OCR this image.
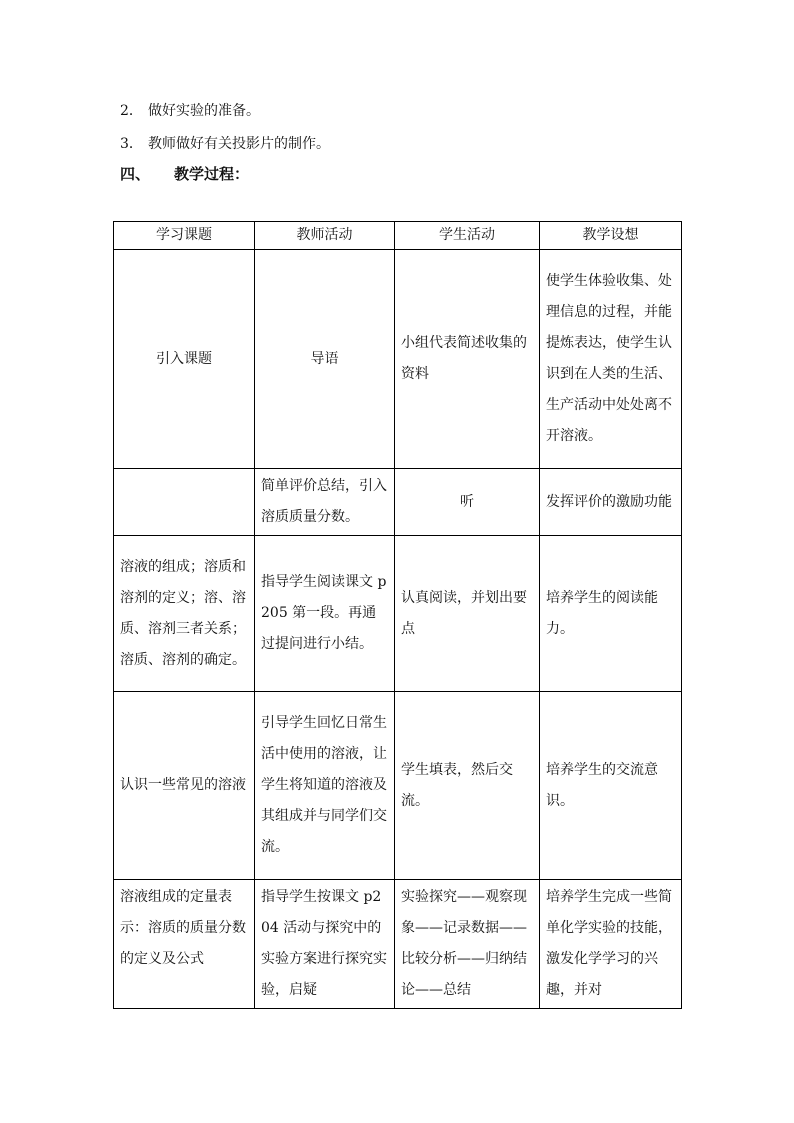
2． 做好实验的准备。
3． 教师做好有关投影片的制作。
四、 教学过程：
学习课题	教师活动	学生活动	教学设想
引入课题	导语	小组代表简述收集的资料	使学生体验收集、处理信息的过程，并能提炼表达，使学生认识到在人类的生活、生产活动中处处离不开溶液。
	简单评价总结，引入溶质质量分数。	听	发挥评价的激励功能
溶液的组成；溶质和溶剂的定义；溶、溶质、溶剂三者关系；溶质、溶剂的确定。	指导学生阅读课文 p205 第一段。再通过提问进行小结。	认真阅读，并划出要点	培养学生的阅读能力。
认识一些常见的溶液	引导学生回忆日常生活中使用的溶液，让学生将知道的溶液及其组成并与同学们交流。	学生填表，然后交流。	培养学生的交流意识。
溶液组成的定量表示：溶质的质量分数的定义及公式	指导学生按课文 p204 活动与探究中的实验方案进行探究实验，启疑	实验探究——观察现象——记录数据——比较分析——归纳结论——总结	培养学生完成一些简单化学实验的技能，激发化学学习的兴趣，并对
